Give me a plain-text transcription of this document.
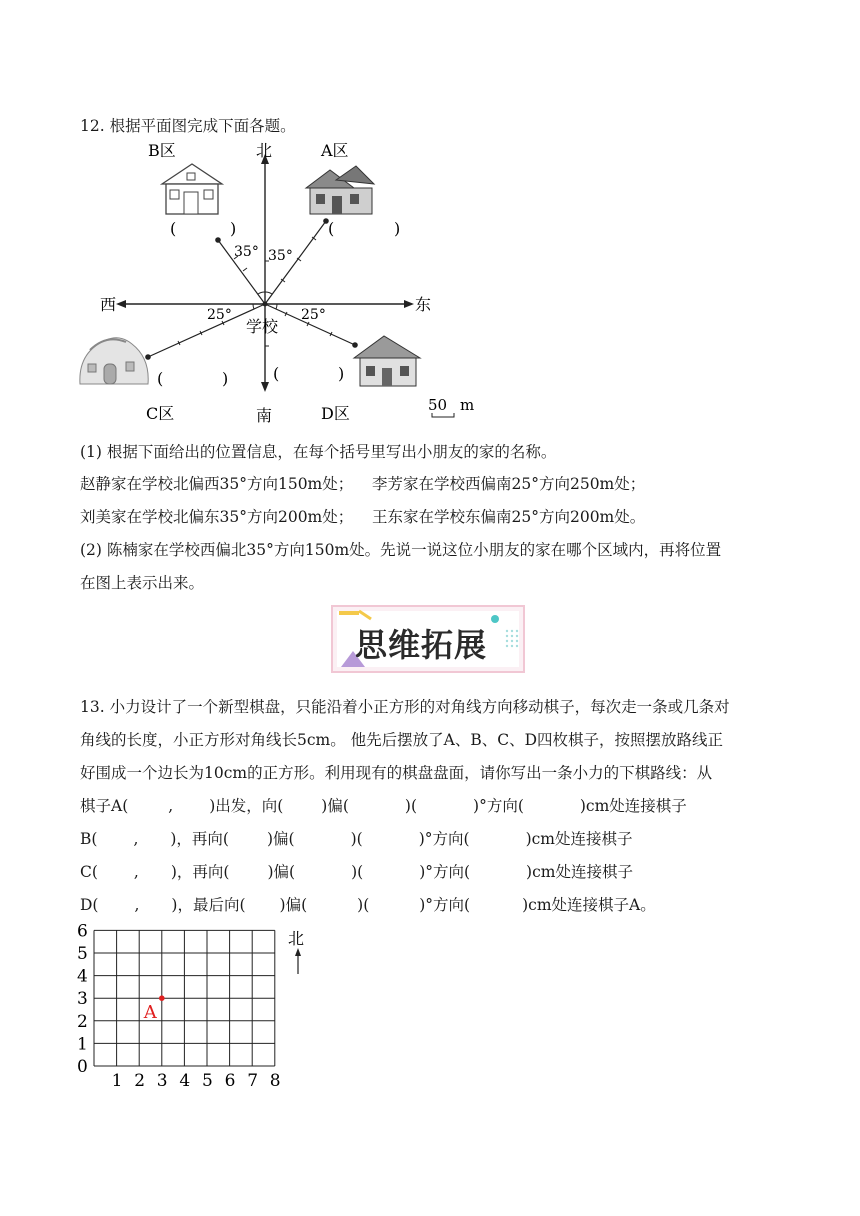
12. 根据平面图完成下面各题。
北
南
东
西
学校
35° 35°
25°	25°
B区	A区
C区	D区
(	)	(	)
(	)	(	)
50 m
(1) 根据下面给出的位置信息，在每个括号里写出小朋友的家的名称。
赵静家在学校北偏西35°方向150m处； 李芳家在学校西偏南25°方向250m处；
刘美家在学校北偏东35°方向200m处； 王东家在学校东偏南25°方向200m处。
(2) 陈楠家在学校西偏北35°方向150m处。先说一说这位小朋友的家在哪个区域内，再将位置
在图上表示出来。
思维拓展
13. 小力设计了一个新型棋盘，只能沿着小正方形的对角线方向移动棋子，每次走一条或几条对
角线的长度，小正方形对角线长5cm。 他先后摆放了A、B、C、D四枚棋子，按照摆放路线正
好围成一个边长为10cm的正方形。利用现有的棋盘盘面，请你写出一条小力的下棋路线：从
棋子A(	, )出发，向( )偏(	)(	)°方向(	)cm处连接棋子
B( , )，再向( )偏(	)(	)°方向(	)cm处连接棋子
C( , )，再向( )偏(	)(	)°方向(	)cm处连接棋子
D( , )，最后向( )偏(	)(	)°方向(	)cm处连接棋子A。
1 2 3 4 5 6 7 8
0
1
2
3
4
5
6	北
A
